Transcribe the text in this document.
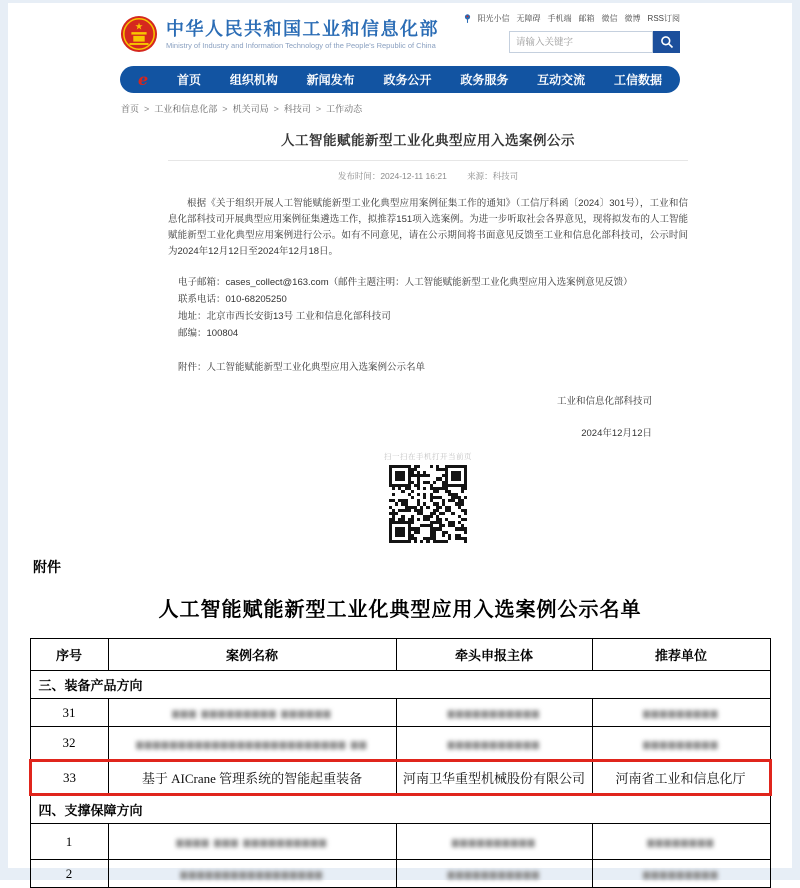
★ 中华人民共和国工业和信息化部
Ministry of Industry and Information Technology of the People's Republic of China
阳光小信 无障碍 手机端 邮箱 微信 微博 RSS订阅
请输入关键字
e 首页 组织机构 新闻发布 政务公开 政务服务 互动交流 工信数据
首页 > 工业和信息化部 > 机关司局 > 科技司 > 工作动态
人工智能赋能新型工业化典型应用入选案例公示
发布时间：2024-12-11 16:21 来源：科技司

根据《关于组织开展人工智能赋能新型工业化典型应用案例征集工作的通知》（工信厅科函〔2024〕301号），工业和信息化部科技司开展典型应用案例征集遴选工作，拟推荐151项入选案例。为进一步听取社会各界意见，现将拟发布的人工智能赋能新型工业化典型应用案例进行公示。如有不同意见，请在公示期间将书面意见反馈至工业和信息化部科技司，公示时间为2024年12月12日至2024年12月18日。

电子邮箱：cases_collect@163.com（邮件主题注明：人工智能赋能新型工业化典型应用入选案例意见反馈）
联系电话：010-68205250
地址：北京市西长安街13号 工业和信息化部科技司
邮编：100804

附件：人工智能赋能新型工业化典型应用入选案例公示名单

工业和信息化部科技司
2024年12月12日
扫一扫在手机打开当前页
附件
人工智能赋能新型工业化典型应用入选案例公示名单
序号	案例名称	牵头申报主体	推荐单位
三、装备产品方向			
31	▆▆▆ ▆▆▆▆▆▆▆▆▆ ▆▆▆▆▆▆	▆▆▆▆▆▆▆▆▆▆▆	▆▆▆▆▆▆▆▆▆
32	▆▆▆▆▆▆▆▆▆▆▆▆▆▆▆▆▆▆▆▆▆▆▆▆▆ ▆▆	▆▆▆▆▆▆▆▆▆▆▆	▆▆▆▆▆▆▆▆▆
33	基于 AICrane 管理系统的智能起重装备	河南卫华重型机械股份有限公司	河南省工业和信息化厅
四、支撑保障方向			
1	▆▆▆▆ ▆▆▆ ▆▆▆▆▆▆▆▆▆▆	▆▆▆▆▆▆▆▆▆▆	▆▆▆▆▆▆▆▆
2	▆▆▆▆▆▆▆▆▆▆▆▆▆▆▆▆▆	▆▆▆▆▆▆▆▆▆▆▆	▆▆▆▆▆▆▆▆▆
